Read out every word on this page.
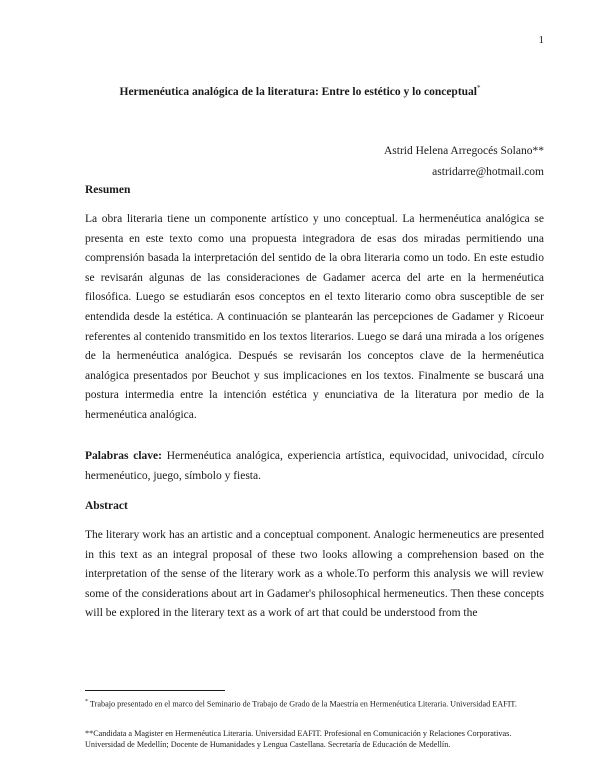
1
Hermenéutica analógica de la literatura: Entre lo estético y lo conceptual*
Astrid Helena Arregocés Solano**
astridarre@hotmail.com
Resumen

La obra literaria tiene un componente artístico y uno conceptual. La hermenéutica analógica se presenta en este texto como una propuesta integradora de esas dos miradas permitiendo una comprensión basada la interpretación del sentido de la obra literaria como un todo. En este estudio se revisarán algunas de las consideraciones de Gadamer acerca del arte en la hermenéutica filosófica. Luego se estudiarán esos conceptos en el texto literario como obra susceptible de ser entendida desde la estética. A continuación se plantearán las percepciones de Gadamer y Ricoeur referentes al contenido transmitido en los textos literarios. Luego se dará una mirada a los orígenes de la hermenéutica analógica. Después se revisarán los conceptos clave de la hermenéutica analógica presentados por Beuchot y sus implicaciones en los textos. Finalmente se buscará una postura intermedia entre la intención estética y enunciativa de la literatura por medio de la hermenéutica analógica.

Palabras clave: Hermenéutica analógica, experiencia artística, equivocidad, univocidad, círculo hermenéutico, juego, símbolo y fiesta.

Abstract

The literary work has an artistic and a conceptual component. Analogic hermeneutics are presented in this text as an integral proposal of these two looks allowing a comprehension based on the interpretation of the sense of the literary work as a whole.To perform this analysis we will review some of the considerations about art in Gadamer's philosophical hermeneutics. Then these concepts will be explored in the literary text as a work of art that could be understood from the

* Trabajo presentado en el marco del Seminario de Trabajo de Grado de la Maestría en Hermenéutica Literaria. Universidad EAFIT.

**Candidata a Magister en Hermenéutica Literaria. Universidad EAFIT. Profesional en Comunicación y Relaciones Corporativas. Universidad de Medellín; Docente de Humanidades y Lengua Castellana. Secretaría de Educación de Medellín.
